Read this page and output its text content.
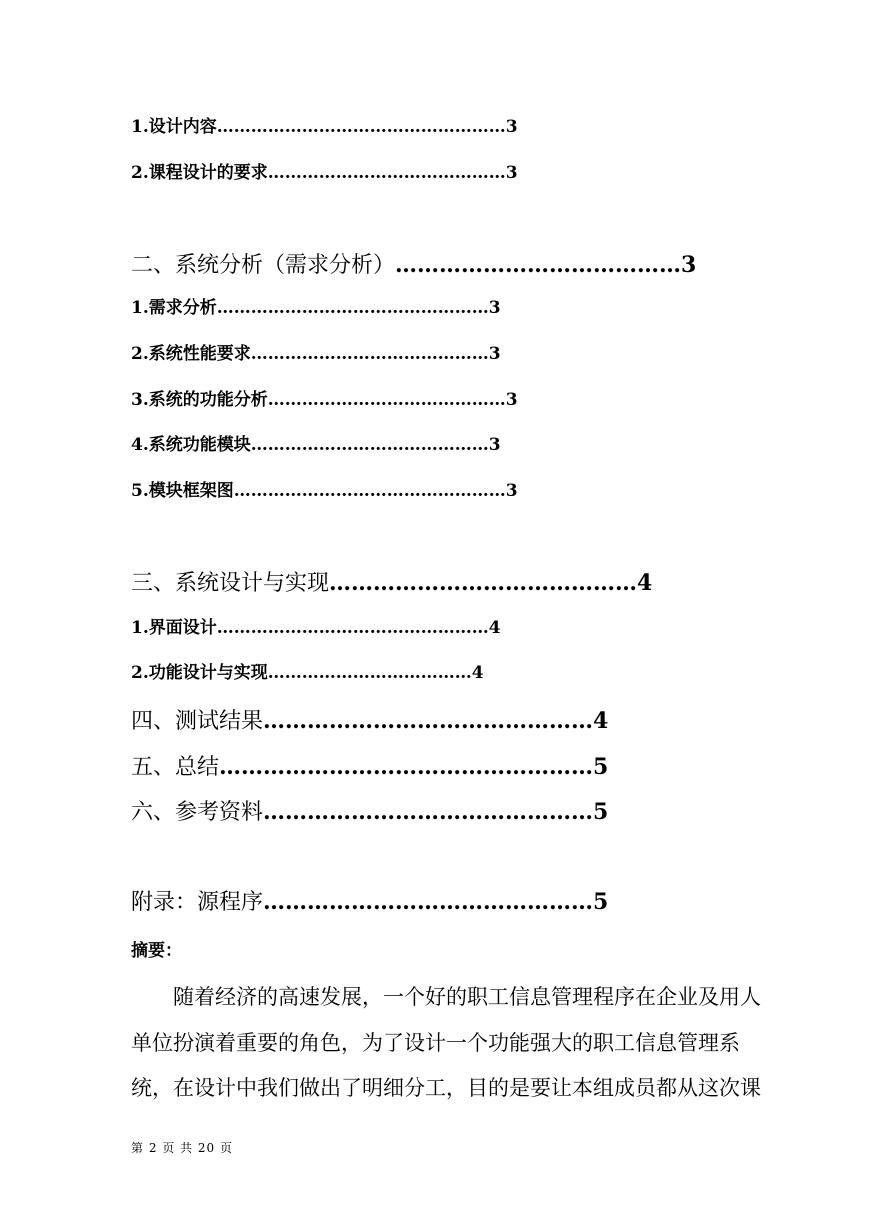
1.设计内容……………………………………………3
2.课程设计的要求……………………………………3
二、系统分析（需求分析）…………………………………3
1.需求分析…………………………………………3
2.系统性能要求……………………………………3
3.系统的功能分析……………………………………3
4.系统功能模块……………………………………3
5.模块框架图…………………………………………3
三、系统设计与实现……………………………………4
1.界面设计…………………………………………4
2.功能设计与实现………………………………4
四、测试结果………………………………………4
五、总结……………………………………………5
六、参考资料………………………………………5
附录：源程序………………………………………5
摘要：
随着经济的高速发展，一个好的职工信息管理程序在企业及用人
单位扮演着重要的角色，为了设计一个功能强大的职工信息管理系
统，在设计中我们做出了明细分工，目的是要让本组成员都从这次课
第 2 页 共 20 页
